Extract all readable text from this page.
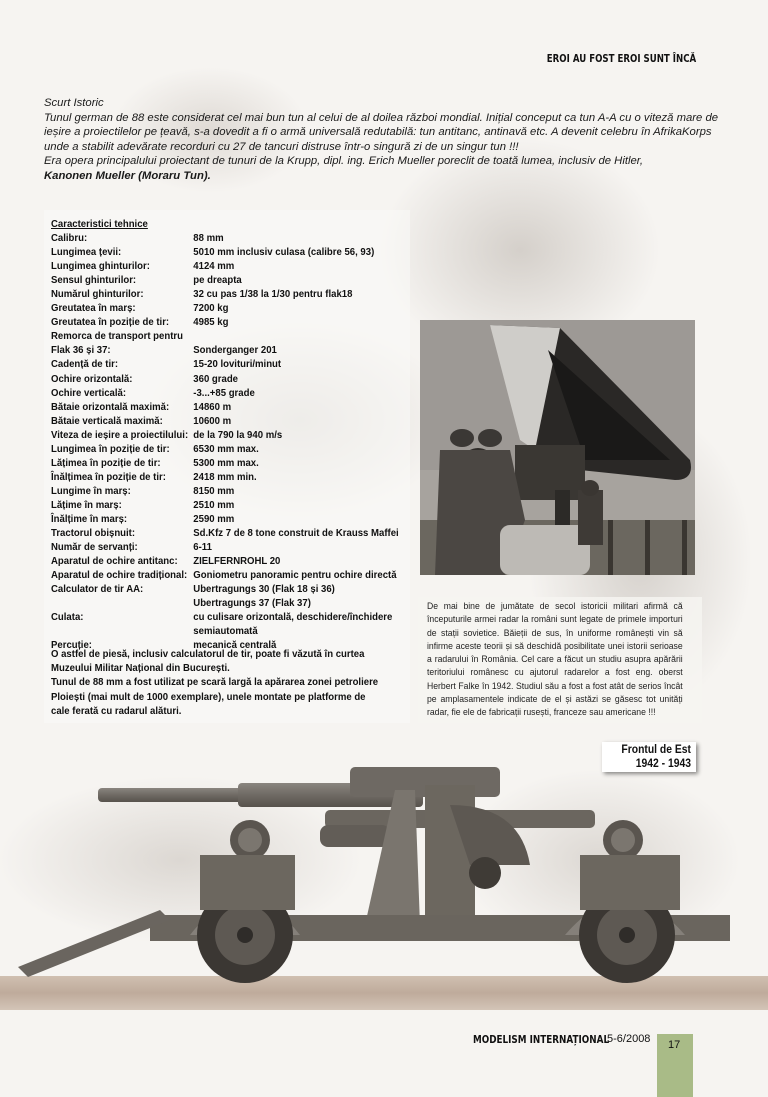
EROI AU FOST EROI SUNT ÎNCĂ

Scurt Istoric

Tunul german de 88 este considerat cel mai bun tun al celui de al doilea război mondial. Inițial conceput ca tun A-A cu o viteză mare de ieșire a proiectilelor pe țeavă, s-a dovedit a fi o armă universală redutabilă: tun antitanc, antinavă etc. A devenit celebru în AfrikaKorps unde a stabilit adevărate recorduri cu 27 de tancuri distruse într-o singură zi de un singur tun !!!

Era opera principalului proiectant de tunuri de la Krupp, dipl. ing. Erich Mueller poreclit de toată lumea, inclusiv de Hitler,
Kanonen Mueller (Moraru Tun).

Caracteristici tehnice
Calibru:	88 mm
Lungimea țevii:	5010 mm inclusiv culasa (calibre 56, 93)
Lungimea ghinturilor:	4124 mm
Sensul ghinturilor:	pe dreapta
Numărul ghinturilor:	32 cu pas 1/38 la 1/30 pentru flak18
Greutatea în marș:	7200 kg
Greutatea în poziție de tir:	4985 kg
Remorca de transport pentru
Flak 36 și 37:	Sonderganger 201
Cadență de tir:	15-20 lovituri/minut
Ochire orizontală:	360 grade
Ochire verticală:	-3...+85 grade
Bătaie orizontală maximă:	14860 m
Bătaie verticală maximă:	10600 m
Viteza de ieșire a proiectilului: de la 790 la 940 m/s
Lungimea în poziție de tir:	6530 mm max.
Lățimea în poziție de tir:	5300 mm max.
Înălțimea în poziție de tir:	2418 mm min.
Lungime în marș:	8150 mm
Lățime în marș:	2510 mm
Înălțime în marș:	2590 mm
Tractorul obișnuit:	Sd.Kfz 7 de 8 tone construit de Krauss Maffei
Număr de servanți:	6-11
Aparatul de ochire antitanc:	ZIELFERNROHL 20
Aparatul de ochire tradițional: Goniometru panoramic pentru ochire directă
Calculator de tir AA:	Ubertragungs 30 (Flak 18 și 36)
Ubertragungs 37 (Flak 37)
Culata:	cu culisare orizontală, deschidere/închidere
semiautomată
Percuție:	mecanică centrală

O astfel de piesă, inclusiv calculatorul de tir, poate fi văzută în curtea Muzeului Militar Național din București.

Tunul de 88 mm a fost utilizat pe scară largă la apărarea zonei petroliere Ploiești (mai mult de 1000 exemplare), unele montate pe platforme de cale ferată cu radarul alături.

De mai bine de jumătate de secol istoricii militari afirmă că începuturile armei radar la români sunt legate de primele importuri de stații sovietice. Băieții de sus, în uniforme românești vin să infirme aceste teorii și să deschidă posibilitate unei istorii serioase a radarului în România. Cel care a făcut un studiu asupra apărării teritoriului românesc cu ajutorul radarelor a fost eng. oberst Herbert Falke în 1942. Studiul său a fost a fost atât de serios încât pe amplasamentele indicate de el și astăzi se găsesc tot unități radar, fie ele de fabricații rusești, franceze sau americane !!!
Frontul de Est
1942 - 1943
MODELISM INTERNAȚIONAL
5-6/2008 17
